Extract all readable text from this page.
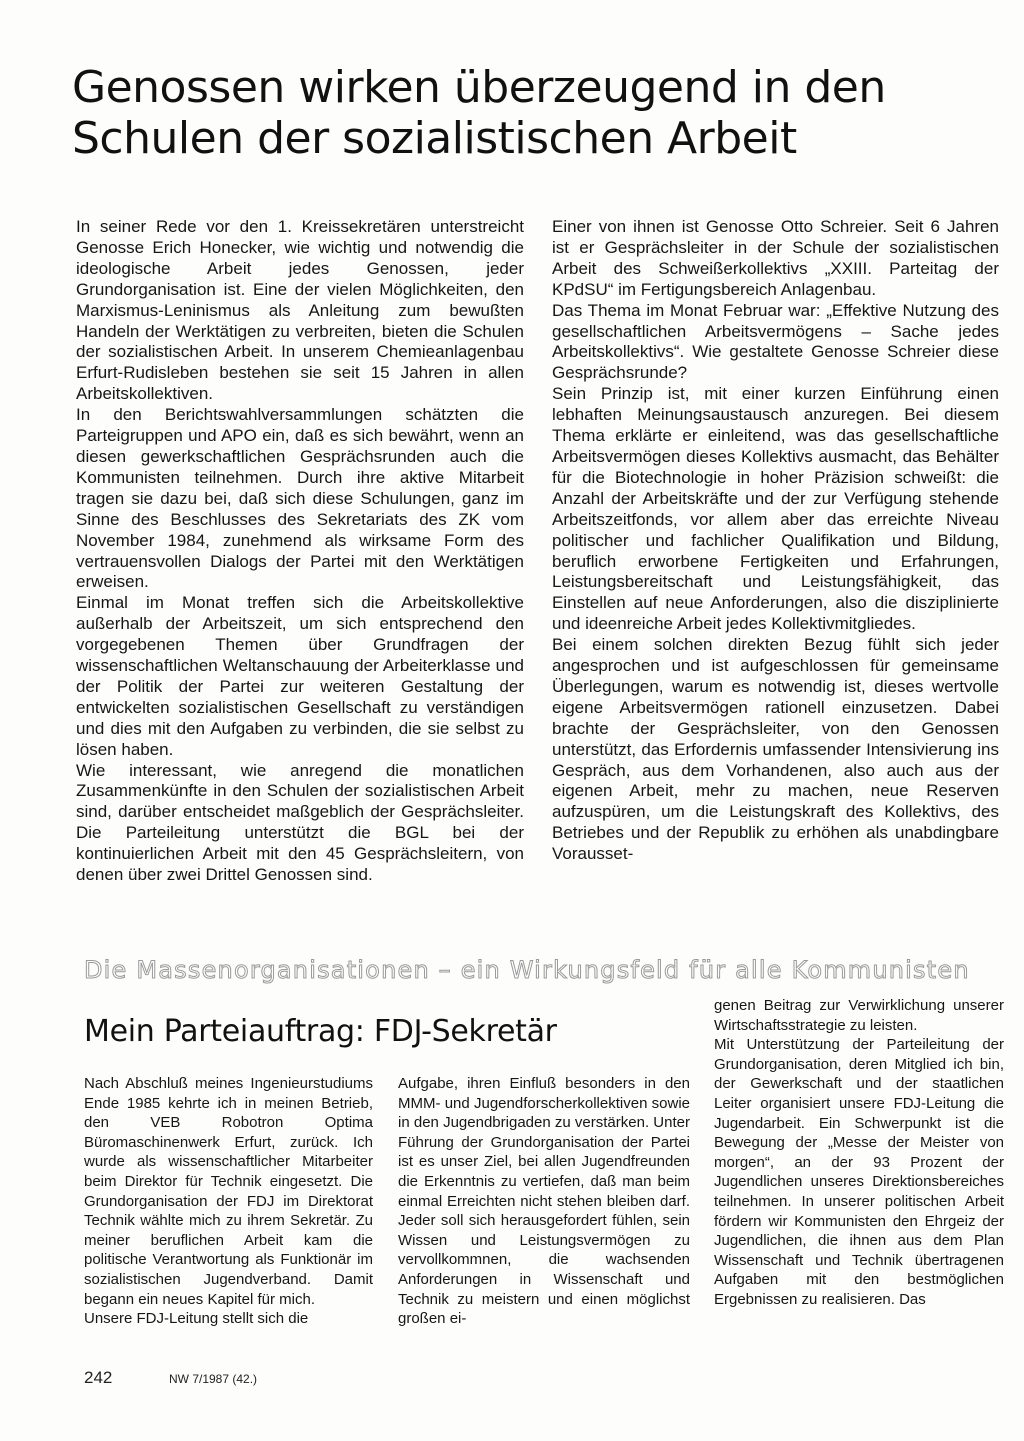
Genossen wirken überzeugend in den
Schulen der sozialistischen Arbeit

In seiner Rede vor den 1. Kreissekretären unterstreicht Genosse Erich Honecker, wie wichtig und notwendig die ideologische Arbeit jedes Genossen, jeder Grundorganisation ist. Eine der vielen Möglichkeiten, den Marxismus-Leninismus als Anleitung zum bewußten Handeln der Werktätigen zu verbreiten, bieten die Schulen der sozialistischen Arbeit. In unserem Chemieanlagenbau Erfurt-Rudisleben bestehen sie seit 15 Jahren in allen Arbeitskollektiven.

In den Berichtswahlversammlungen schätzten die Parteigruppen und APO ein, daß es sich bewährt, wenn an diesen gewerkschaftlichen Gesprächsrunden auch die Kommunisten teilnehmen. Durch ihre aktive Mitarbeit tragen sie dazu bei, daß sich diese Schulungen, ganz im Sinne des Beschlusses des Sekretariats des ZK vom November 1984, zunehmend als wirksame Form des vertrauensvollen Dialogs der Partei mit den Werktätigen erweisen.

Einmal im Monat treffen sich die Arbeitskollektive außerhalb der Arbeitszeit, um sich entsprechend den vorgegebenen Themen über Grundfragen der wissenschaftlichen Weltanschauung der Arbeiterklasse und der Politik der Partei zur weiteren Gestaltung der entwickelten sozialistischen Gesellschaft zu verständigen und dies mit den Aufgaben zu verbinden, die sie selbst zu lösen haben.

Wie interessant, wie anregend die monatlichen Zusammenkünfte in den Schulen der sozialistischen Arbeit sind, darüber entscheidet maßgeblich der Gesprächsleiter. Die Parteileitung unterstützt die BGL bei der kontinuierlichen Arbeit mit den 45 Gesprächsleitern, von denen über zwei Drittel Genossen sind.

Einer von ihnen ist Genosse Otto Schreier. Seit 6 Jahren ist er Gesprächsleiter in der Schule der sozialistischen Arbeit des Schweißerkollektivs „XXIII. Parteitag der KPdSU“ im Fertigungsbereich Anlagenbau.

Das Thema im Monat Februar war: „Effektive Nutzung des gesellschaftlichen Arbeitsvermögens – Sache jedes Arbeitskollektivs“. Wie gestaltete Genosse Schreier diese Gesprächsrunde?

Sein Prinzip ist, mit einer kurzen Einführung einen lebhaften Meinungsaustausch anzuregen. Bei diesem Thema erklärte er einleitend, was das gesellschaftliche Arbeitsvermögen dieses Kollektivs ausmacht, das Behälter für die Biotechnologie in hoher Präzision schweißt: die Anzahl der Arbeitskräfte und der zur Verfügung stehende Arbeitszeitfonds, vor allem aber das erreichte Niveau politischer und fachlicher Qualifikation und Bildung, beruflich erworbene Fertigkeiten und Erfahrungen, Leistungsbereitschaft und Leistungsfähigkeit, das Einstellen auf neue Anforderungen, also die disziplinierte und ideenreiche Arbeit jedes Kollektivmitgliedes.

Bei einem solchen direkten Bezug fühlt sich jeder angesprochen und ist aufgeschlossen für gemeinsame Überlegungen, warum es notwendig ist, dieses wertvolle eigene Arbeitsvermögen rationell einzusetzen. Dabei brachte der Gesprächsleiter, von den Genossen unterstützt, das Erfordernis umfassender Intensivierung ins Gespräch, aus dem Vorhandenen, also auch aus der eigenen Arbeit, mehr zu machen, neue Reserven aufzuspüren, um die Leistungskraft des Kollektivs, des Betriebes und der Republik zu erhöhen als unabdingbare Vorausset-

Die Massenorganisationen – ein Wirkungsfeld für alle Kommunisten
Mein Parteiauftrag: FDJ-Sekretär

Nach Abschluß meines Ingenieurstudiums Ende 1985 kehrte ich in meinen Betrieb, den VEB Robotron Optima Büromaschinenwerk Erfurt, zurück. Ich wurde als wissenschaftlicher Mitarbeiter beim Direktor für Technik eingesetzt. Die Grundorganisation der FDJ im Direktorat Technik wählte mich zu ihrem Sekretär. Zu meiner beruflichen Arbeit kam die politische Verantwortung als Funktionär im sozialistischen Jugendverband. Damit begann ein neues Kapitel für mich.

Unsere FDJ-Leitung stellt sich die

Aufgabe, ihren Einfluß besonders in den MMM- und Jugendforscherkollektiven sowie in den Jugendbrigaden zu verstärken. Unter Führung der Grundorganisation der Partei ist es unser Ziel, bei allen Jugendfreunden die Erkenntnis zu vertiefen, daß man beim einmal Erreichten nicht stehen bleiben darf. Jeder soll sich herausgefordert fühlen, sein Wissen und Leistungsvermögen zu vervollkommnen, die wachsenden Anforderungen in Wissenschaft und Technik zu meistern und einen möglichst großen ei-

genen Beitrag zur Verwirklichung unserer Wirtschaftsstrategie zu leisten.

Mit Unterstützung der Parteileitung der Grundorganisation, deren Mitglied ich bin, der Gewerkschaft und der staatlichen Leiter organisiert unsere FDJ-Leitung die Jugendarbeit. Ein Schwerpunkt ist die Bewegung der „Messe der Meister von morgen“, an der 93 Prozent der Jugendlichen unseres Direktionsbereiches teilnehmen. In unserer politischen Arbeit fördern wir Kommunisten den Ehrgeiz der Jugendlichen, die ihnen aus dem Plan Wissenschaft und Technik übertragenen Aufgaben mit den bestmöglichen Ergebnissen zu realisieren. Das

242	NW 7/1987 (42.)
